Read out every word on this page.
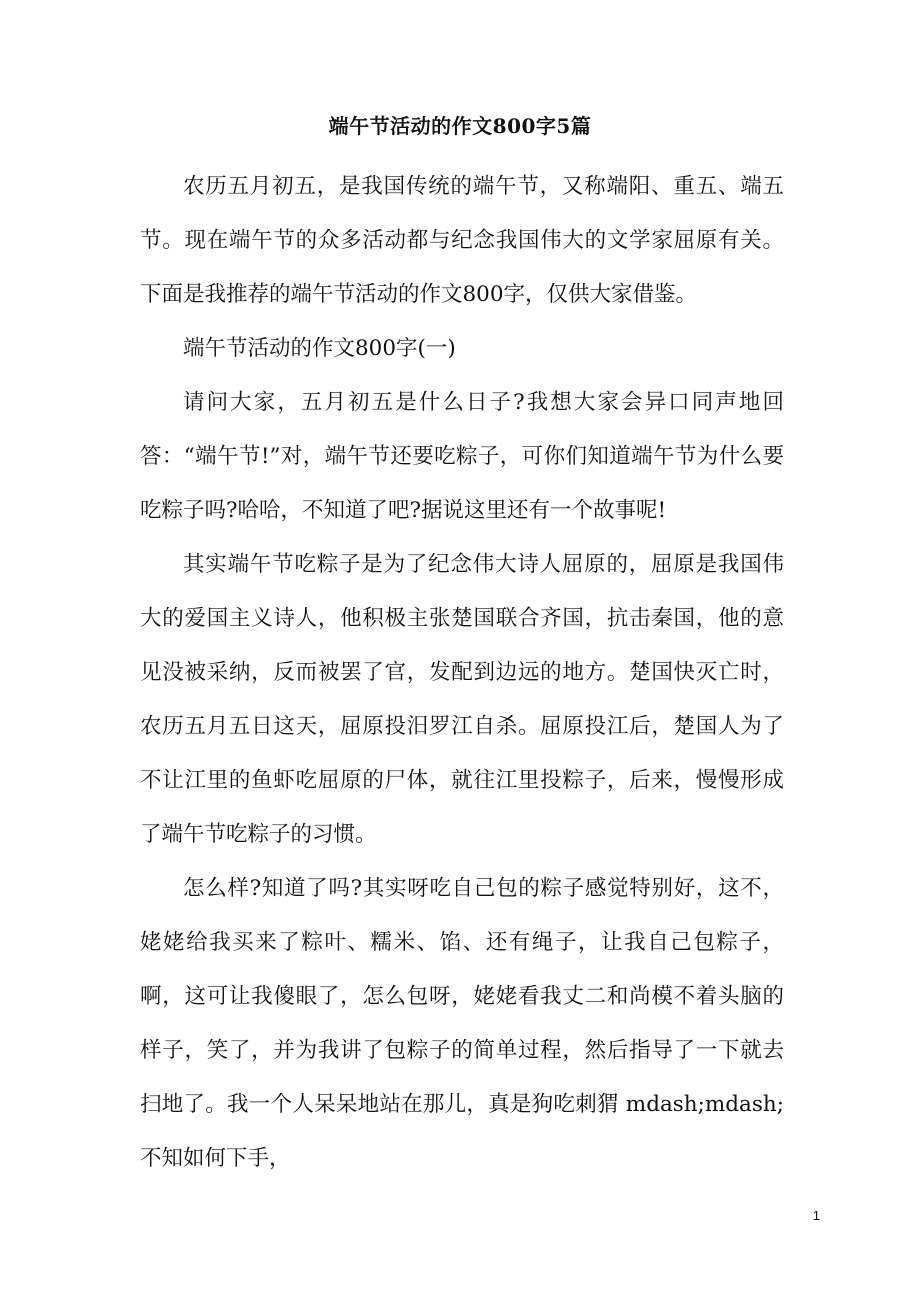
端午节活动的作文800字5篇

农历五月初五，是我国传统的端午节，又称端阳、重五、端五节。现在端午节的众多活动都与纪念我国伟大的文学家屈原有关。下面是我推荐的端午节活动的作文800字，仅供大家借鉴。

端午节活动的作文800字(一)

请问大家，五月初五是什么日子?我想大家会异口同声地回答：“端午节!”对，端午节还要吃粽子，可你们知道端午节为什么要吃粽子吗?哈哈，不知道了吧?据说这里还有一个故事呢!

其实端午节吃粽子是为了纪念伟大诗人屈原的，屈原是我国伟大的爱国主义诗人，他积极主张楚国联合齐国，抗击秦国，他的意见没被采纳，反而被罢了官，发配到边远的地方。楚国快灭亡时，农历五月五日这天，屈原投汨罗江自杀。屈原投江后，楚国人为了不让江里的鱼虾吃屈原的尸体，就往江里投粽子，后来，慢慢形成了端午节吃粽子的习惯。

怎么样?知道了吗?其实呀吃自己包的粽子感觉特别好，这不，姥姥给我买来了粽叶、糯米、馅、还有绳子，让我自己包粽子，啊，这可让我傻眼了，怎么包呀，姥姥看我丈二和尚模不着头脑的样子，笑了，并为我讲了包粽子的简单过程，然后指导了一下就去扫地了。我一个人呆呆地站在那儿，真是狗吃刺猬 mdash;mdash;不知如何下手，

1
